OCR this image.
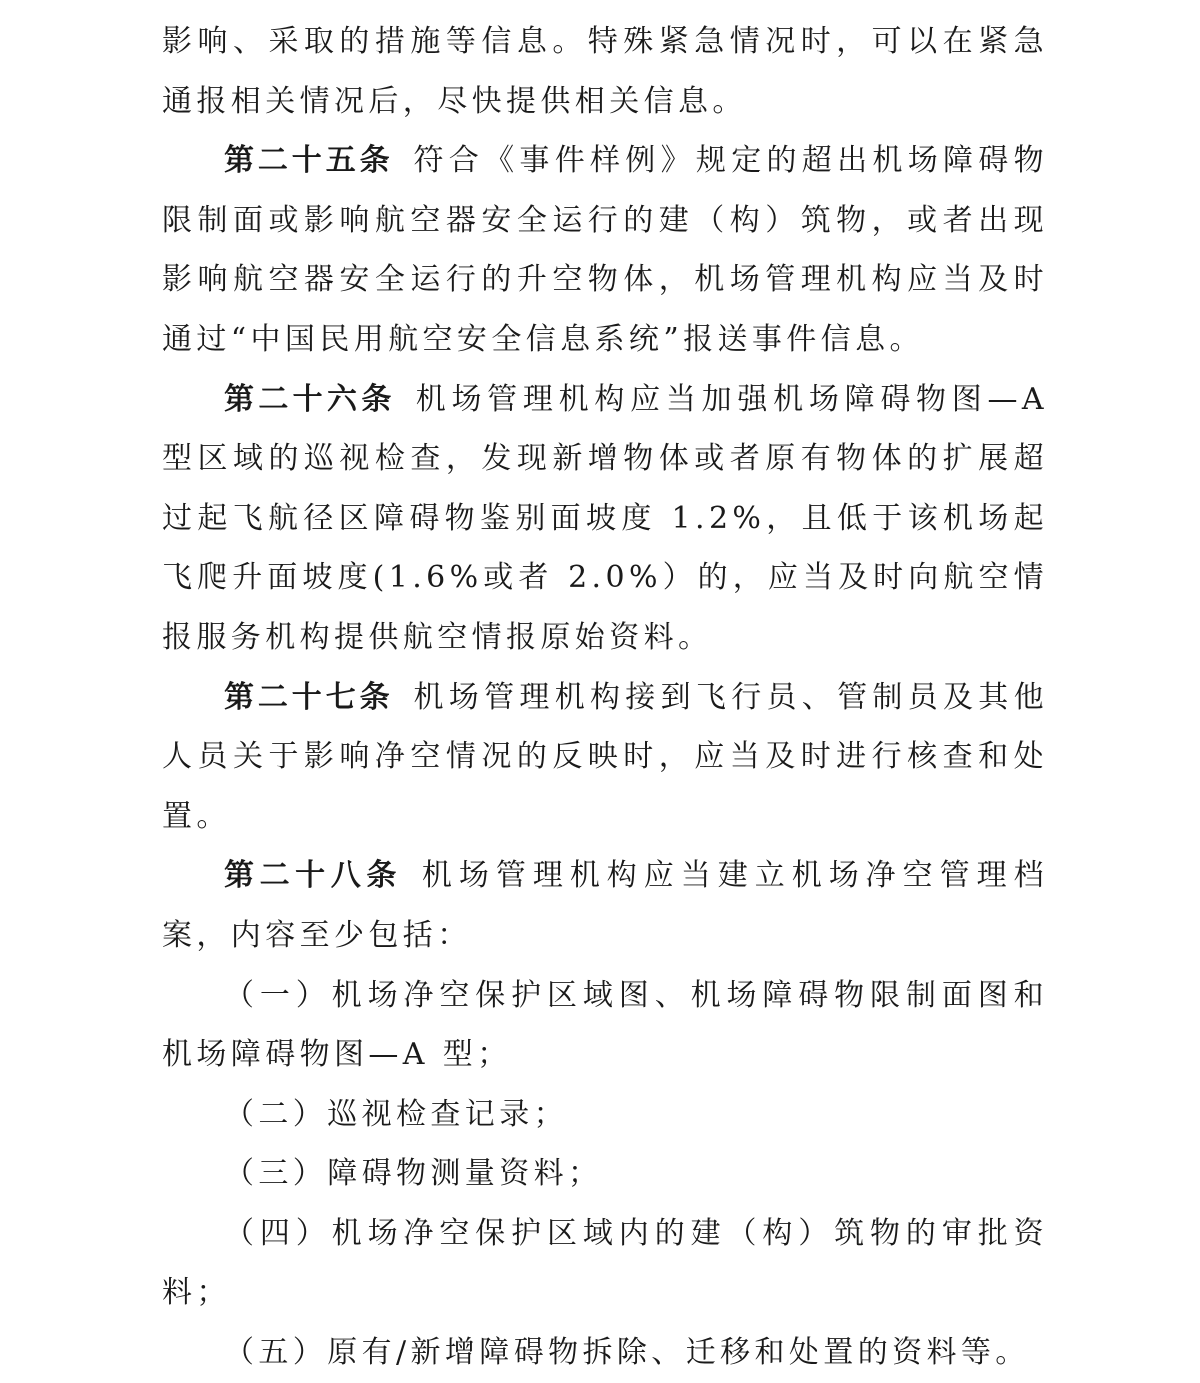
影响、采取的措施等信息。特殊紧急情况时，可以在紧急通报相关情况后，尽快提供相关信息。

第二十五条 符合《事件样例》规定的超出机场障碍物限制面或影响航空器安全运行的建（构）筑物，或者出现影响航空器安全运行的升空物体，机场管理机构应当及时通过“中国民用航空安全信息系统”报送事件信息。

第二十六条 机场管理机构应当加强机场障碍物图—A 型区域的巡视检查，发现新增物体或者原有物体的扩展超过起飞航径区障碍物鉴别面坡度 1.2%，且低于该机场起飞爬升面坡度(1.6%或者 2.0%）的，应当及时向航空情报服务机构提供航空情报原始资料。

第二十七条 机场管理机构接到飞行员、管制员及其他人员关于影响净空情况的反映时，应当及时进行核查和处置。

第二十八条 机场管理机构应当建立机场净空管理档案，内容至少包括：

（一）机场净空保护区域图、机场障碍物限制面图和机场障碍物图—A 型；

（二）巡视检查记录；

（三）障碍物测量资料；

（四）机场净空保护区域内的建（构）筑物的审批资料；

（五）原有/新增障碍物拆除、迁移和处置的资料等。
